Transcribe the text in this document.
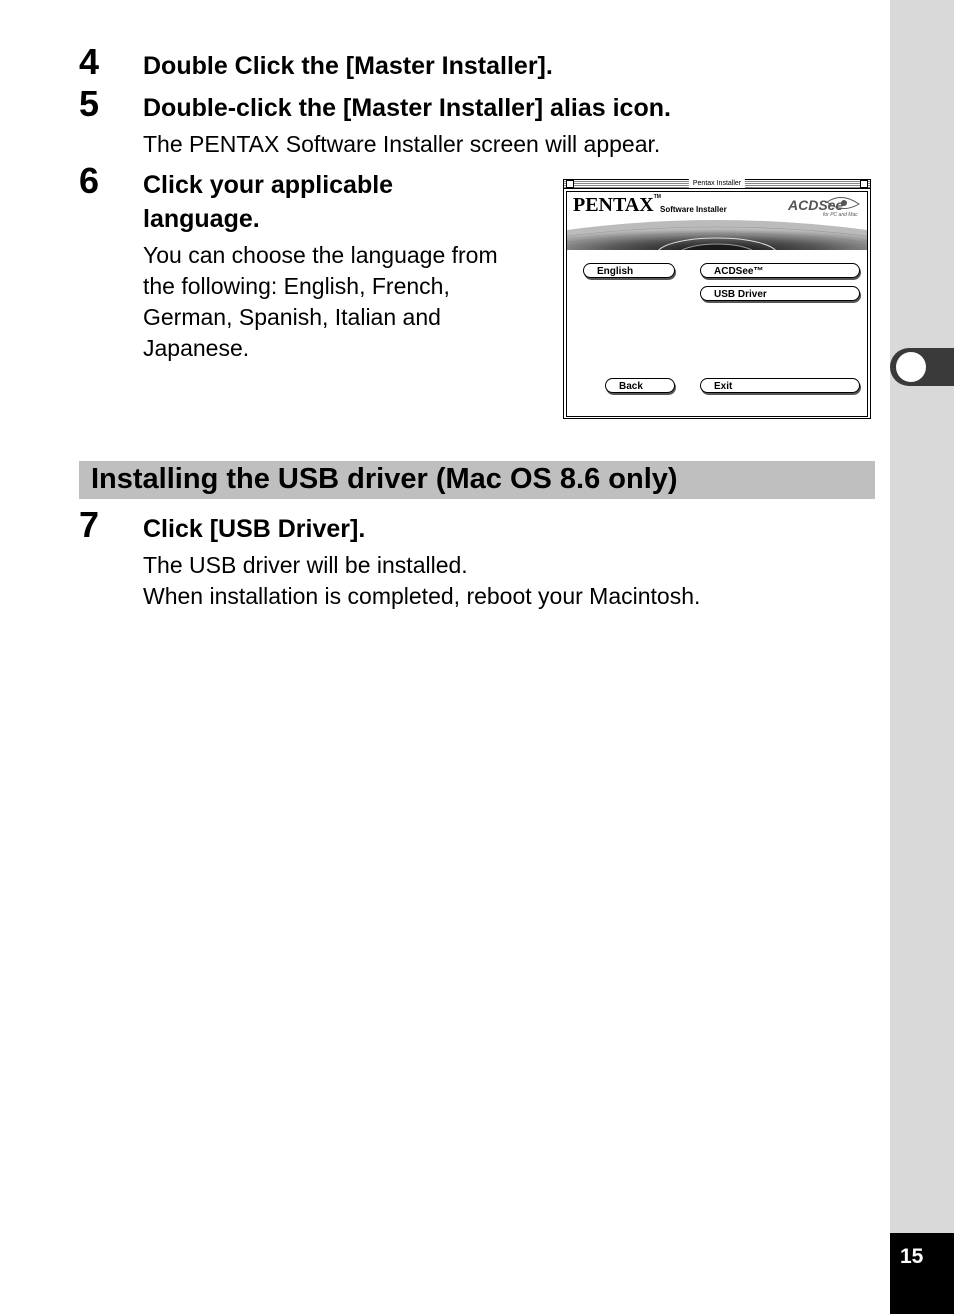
15
4 Double Click the [Master Installer].
5 Double-click the [Master Installer] alias icon.
The PENTAX Software Installer screen will appear.
6 Click your applicable
language.
You can choose the language from
the following: English, French,
German, Spanish, Italian and
Japanese.
Pentax Installer
PENTAX™
Software Installer	ACDSee
for PC and Mac
English	ACDSee™
USB Driver
Back	Exit
Installing the USB driver (Mac OS 8.6 only)
7 Click [USB Driver].
The USB driver will be installed.
When installation is completed, reboot your Macintosh.
